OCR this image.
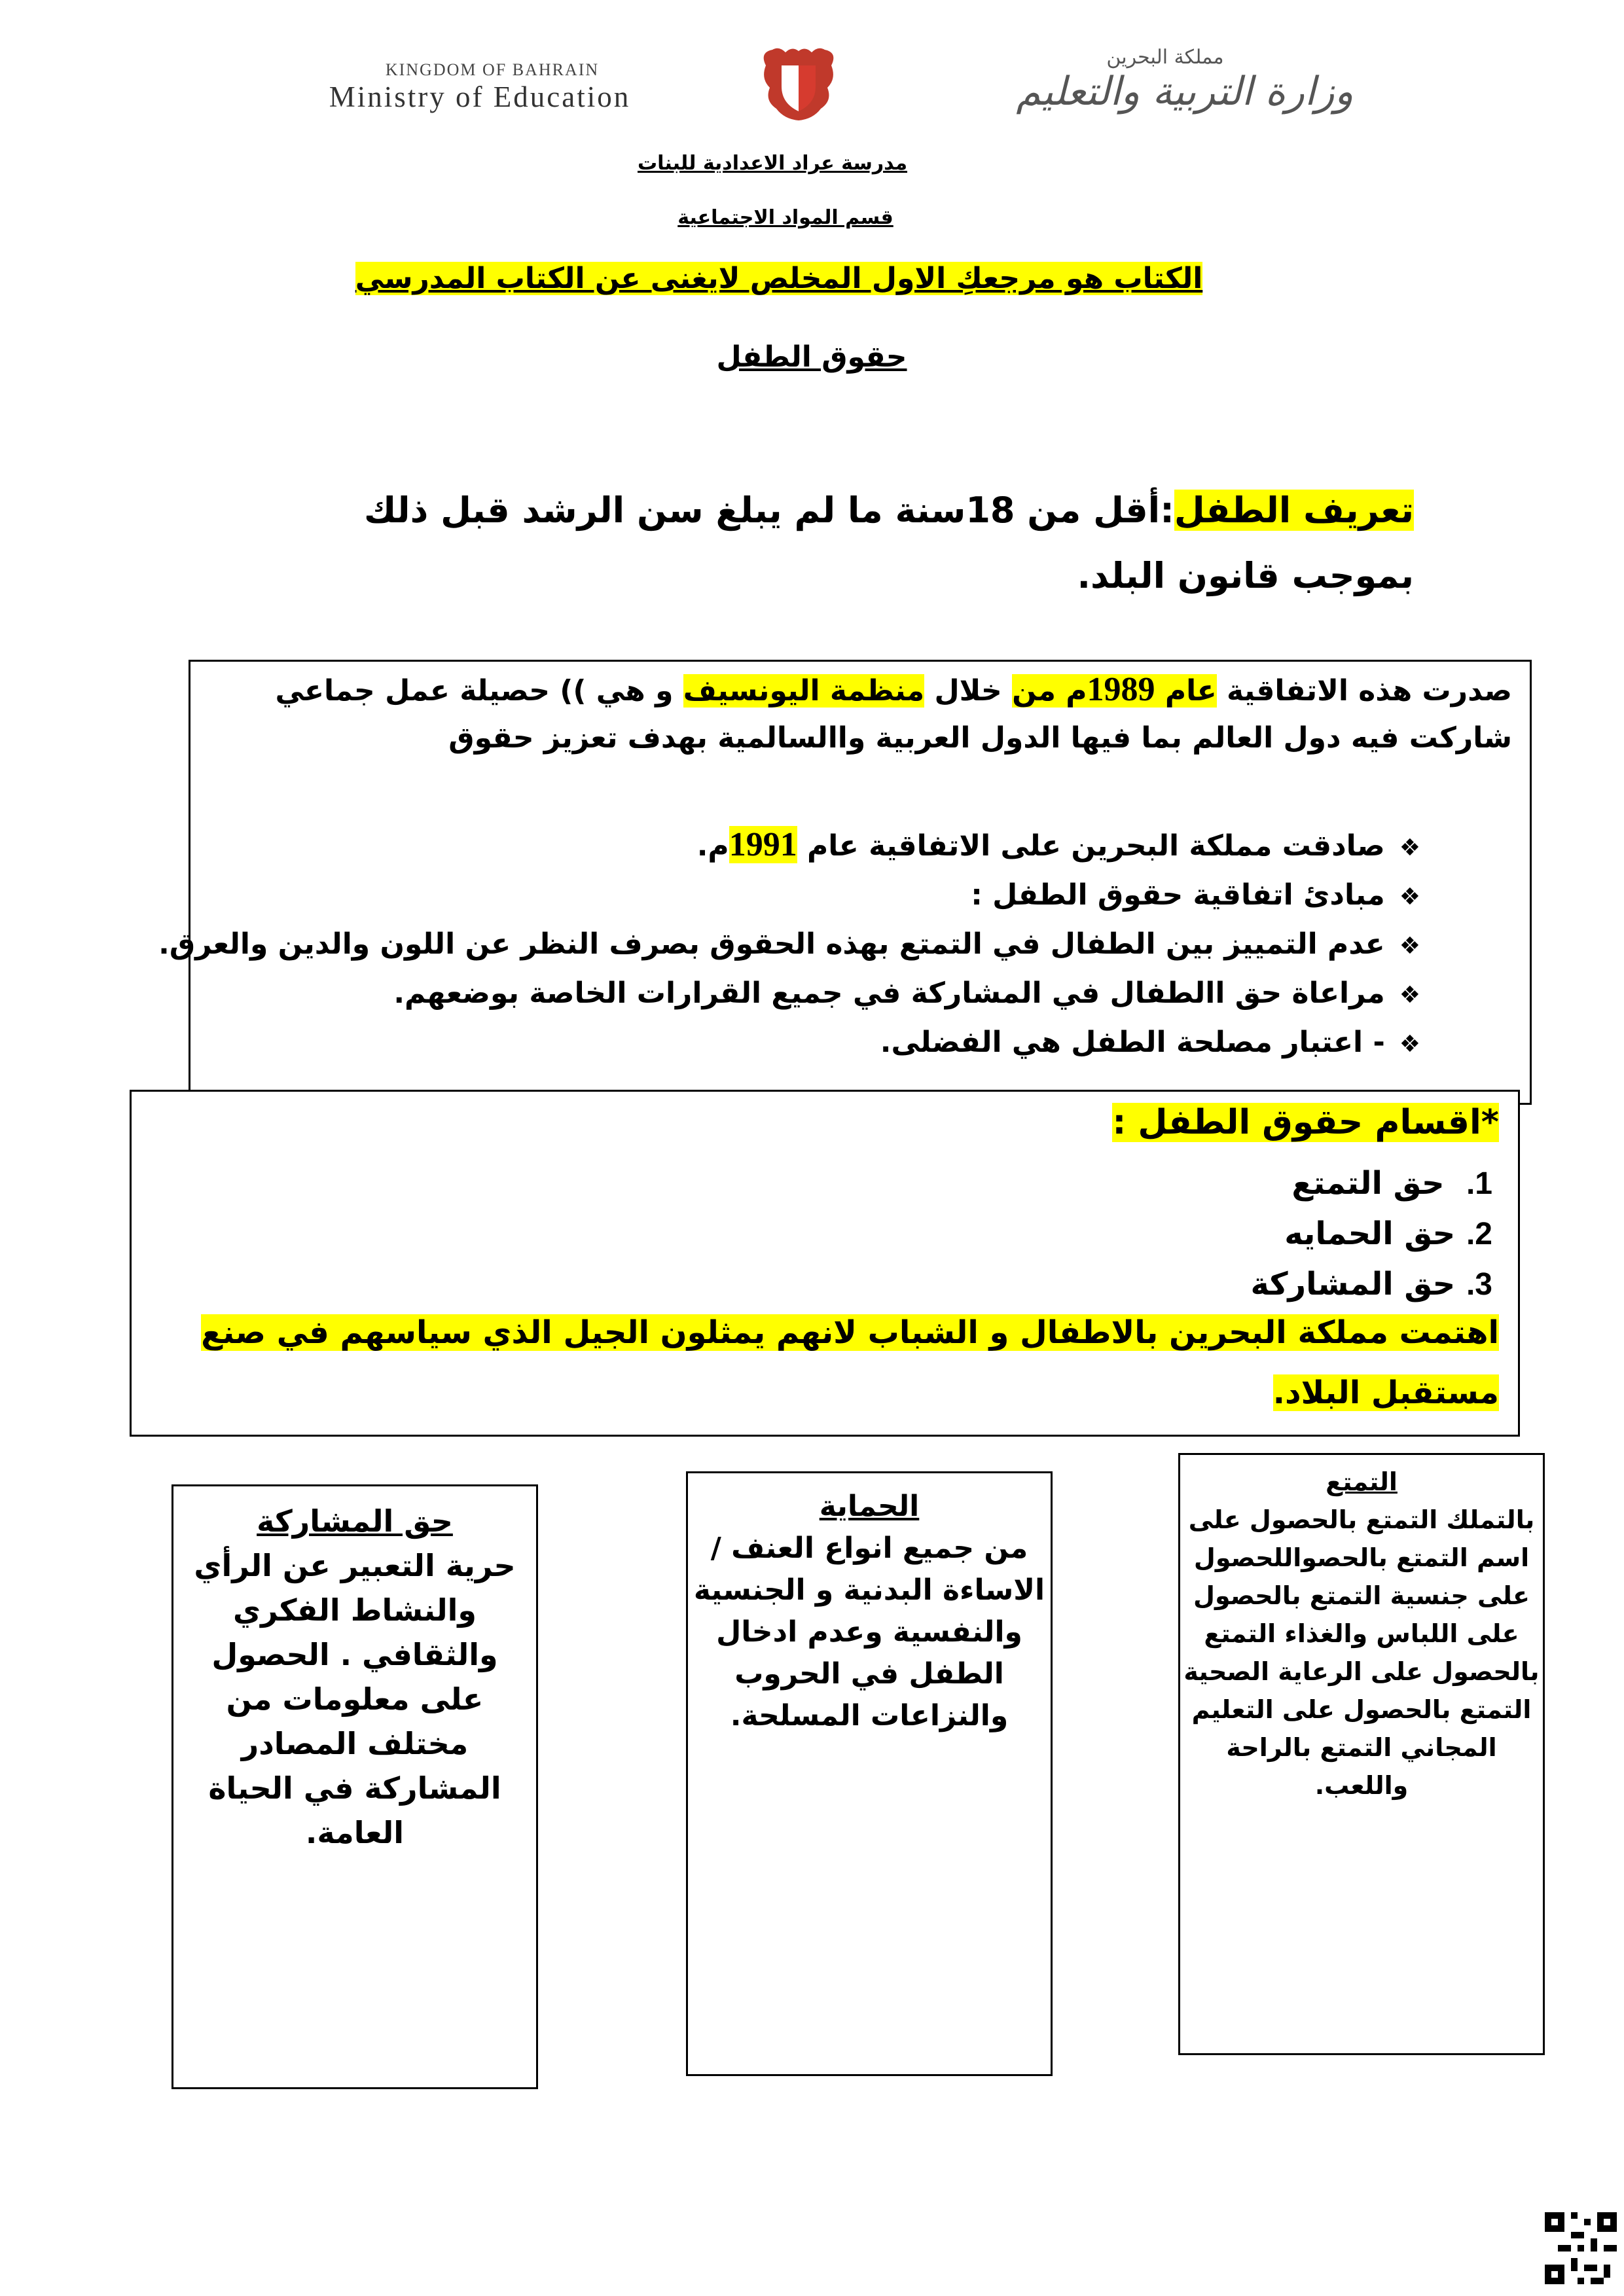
KINGDOM OF BAHRAIN
Ministry of Education
مملكة البحرين
وزارة التربية والتعليم
مدرسة عراد الاعدادية للبنات
قسم المواد الاجتماعية
الكتاب هو مرجعكِ الاول المخلص لايغنى عن الكتاب المدرسي
حقوق الطفل
تعريف الطفل:أقل من 18سنة ما لم يبلغ سن الرشد قبل ذلك بموجب قانون البلد.
صدرت هذه الاتفاقية عام 1989م من خلال منظمة اليونسيف و هي )) حصيلة عمل جماعي شاركت فيه دول العالم بما فيها الدول العربية واالسالمية بهدف تعزيز حقوق
❖صادقت مملكة البحرين على الاتفاقية عام 1991م.
❖مبادئ اتفاقية حقوق الطفل :
❖عدم التمييز بين الطفال في التمتع بهذه الحقوق بصرف النظر عن اللون والدين والعرق.
❖مراعاة حق االطفال في المشاركة في جميع القرارات الخاصة بوضعهم.
❖- اعتبار مصلحة الطفل هي الفضلى.
*اقسام حقوق الطفل :
1.  حق التمتع
2. حق الحمايه
3. حق المشاركة
اهتمت مملكة البحرين بالاطفال و الشباب لانهم يمثلون الجيل الذي سياسهم في صنع مستقبل البلاد.
التمتع
بالتملك التمتع بالحصول على اسم التمتع بالحصواللحصول على جنسية التمتع بالحصول على اللباس والغذاء التمتع بالحصول على الرعاية الصحية التمتع بالحصول على التعليم المجاني التمتع بالراحة واللعب.
الحماية
من جميع انواع العنف / الاساءة البدنية و الجنسية والنفسية وعدم ادخال الطفل في الحروب والنزاعات المسلحة.
حق المشاركة
حرية التعبير عن الرأي والنشاط الفكري والثقافي . الحصول على معلومات من مختلف المصادر المشاركة في الحياة العامة.
